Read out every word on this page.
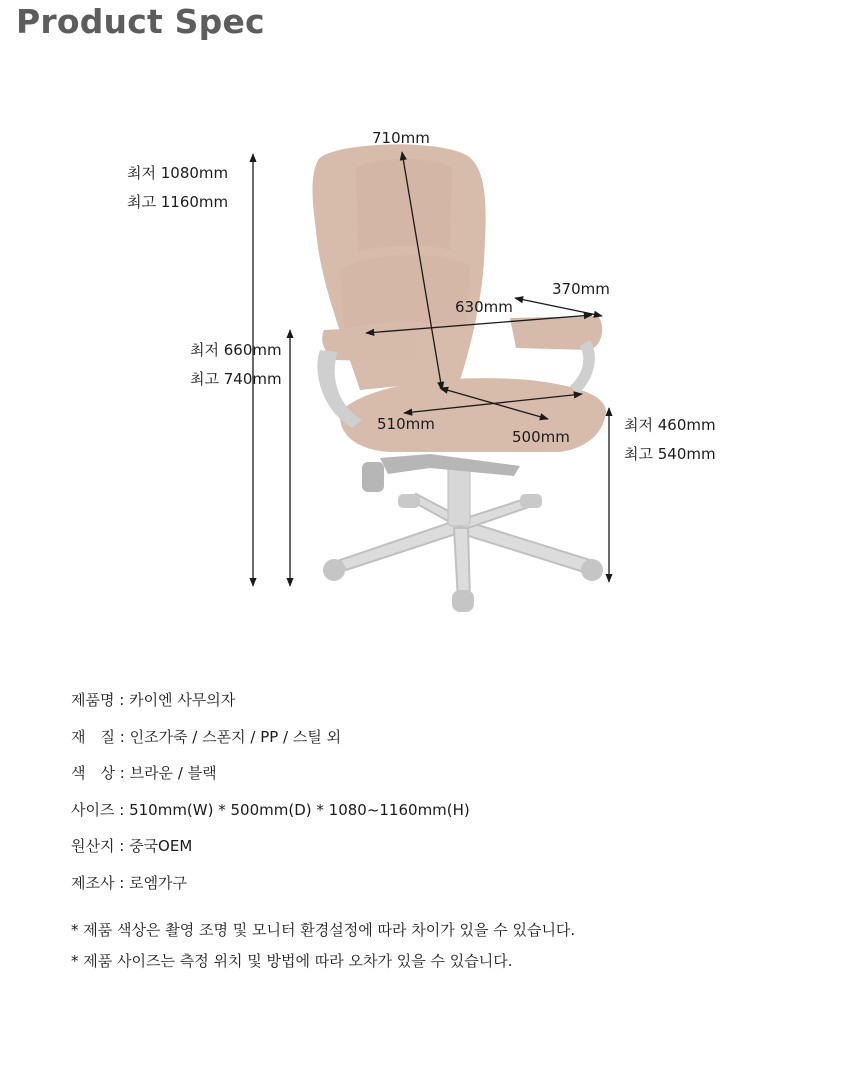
Product Spec
최저 1080mm
최고 1160mm
최저 660mm
최고 740mm
최저 460mm
최고 540mm
710mm
370mm
630mm
510mm
500mm
제품명 : 카이엔 사무의자
재　질 : 인조가죽 / 스폰지 / PP / 스틸 외
색　상 : 브라운 / 블랙
사이즈 : 510mm(W) * 500mm(D) * 1080~1160mm(H)
원산지 : 중국OEM
제조사 : 로엠가구
* 제품 색상은 촬영 조명 및 모니터 환경설정에 따라 차이가 있을 수 있습니다.
* 제품 사이즈는 측정 위치 및 방법에 따라 오차가 있을 수 있습니다.
